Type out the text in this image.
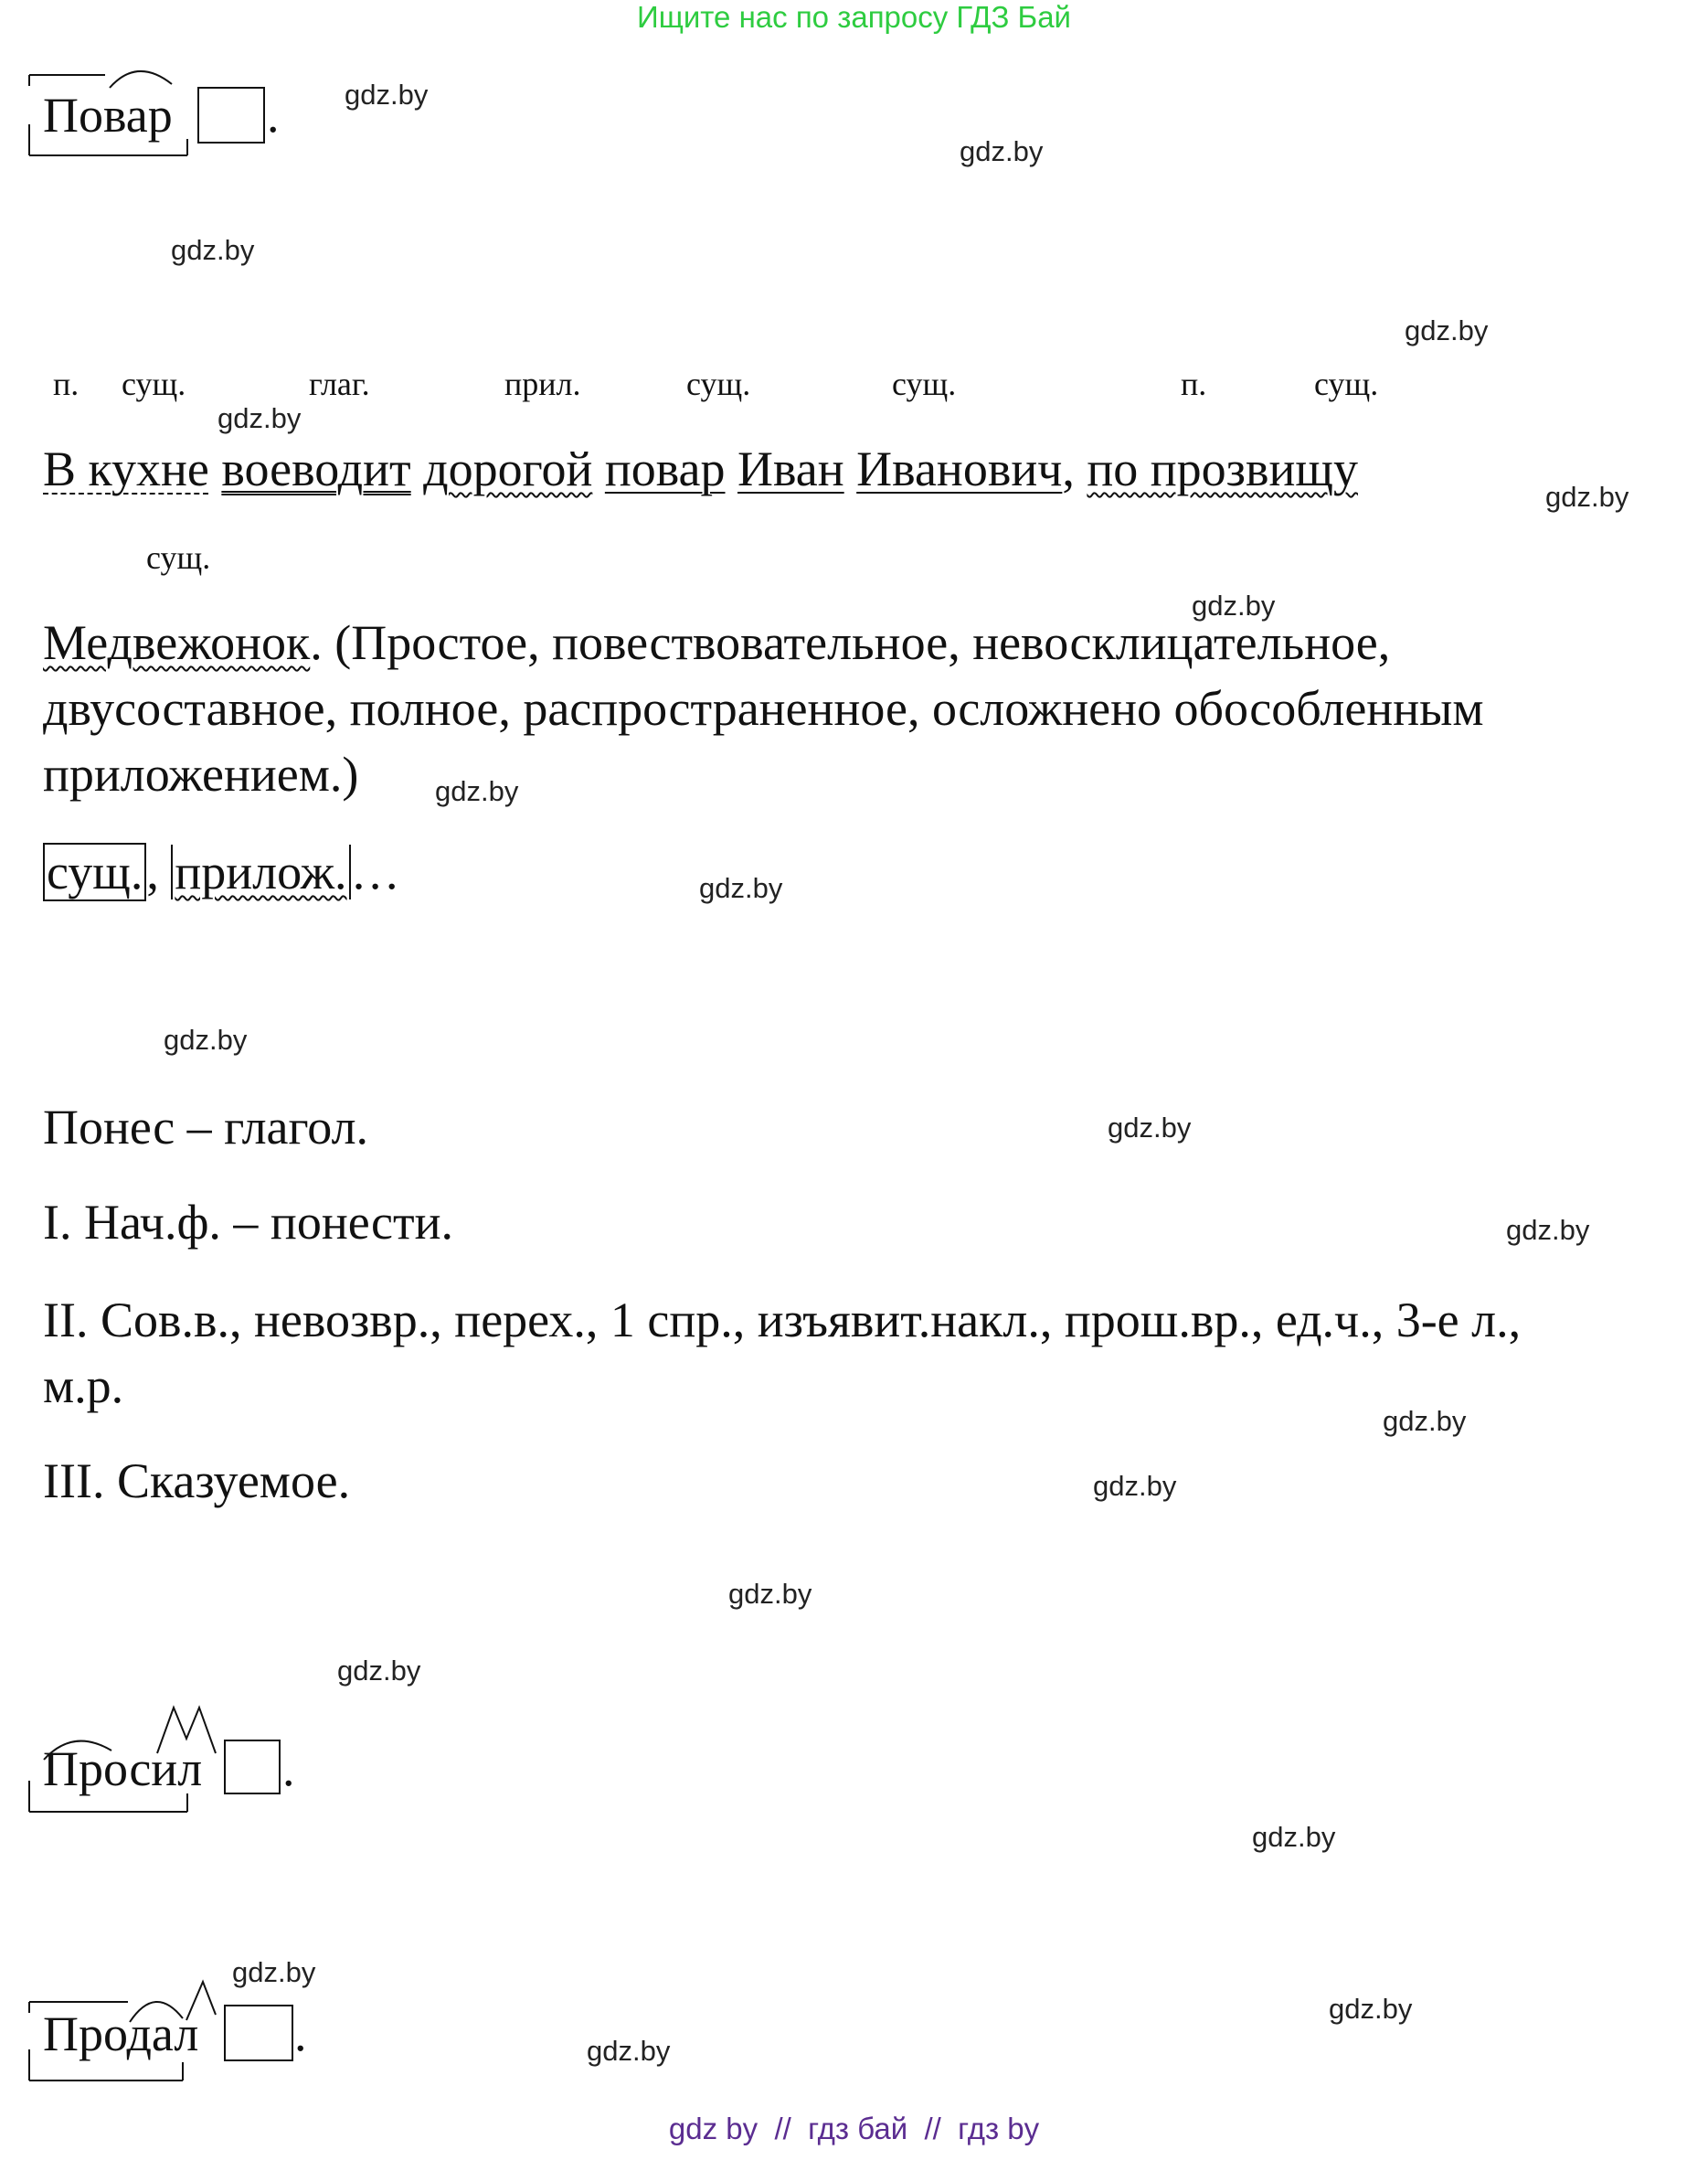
Ищите нас по запросу ГДЗ Бай
Повар .
п. сущ.	глаг.	прил.	сущ.	сущ.	п.	сущ.
В кухне воеводит дорогой повар Иван Иванович, по прозвищу
сущ.
Медвежонок. (Простое, повествовательное, невосклицательное,
двусоставное, полное, распространенное, осложнено обособленным
приложением.)
сущ., прилож.…
Понес – глагол.
I. Нач.ф. – понести.
II. Сов.в., невозвр., перех., 1 спр., изъявит.накл., прош.вр., ед.ч., 3-е л.,
м.р.
III. Сказуемое.
Просил .
Продал .
gdz.by
gdz.by
gdz.by
gdz.by
gdz.by
gdz.by
gdz.by
gdz.by
gdz.by
gdz.by
gdz.by
gdz.by
gdz.by
gdz.by
gdz.by
gdz.by
gdz.by
gdz.by
gdz.by
gdz.by
gdz by  //  гдз бай  //  гдз by
